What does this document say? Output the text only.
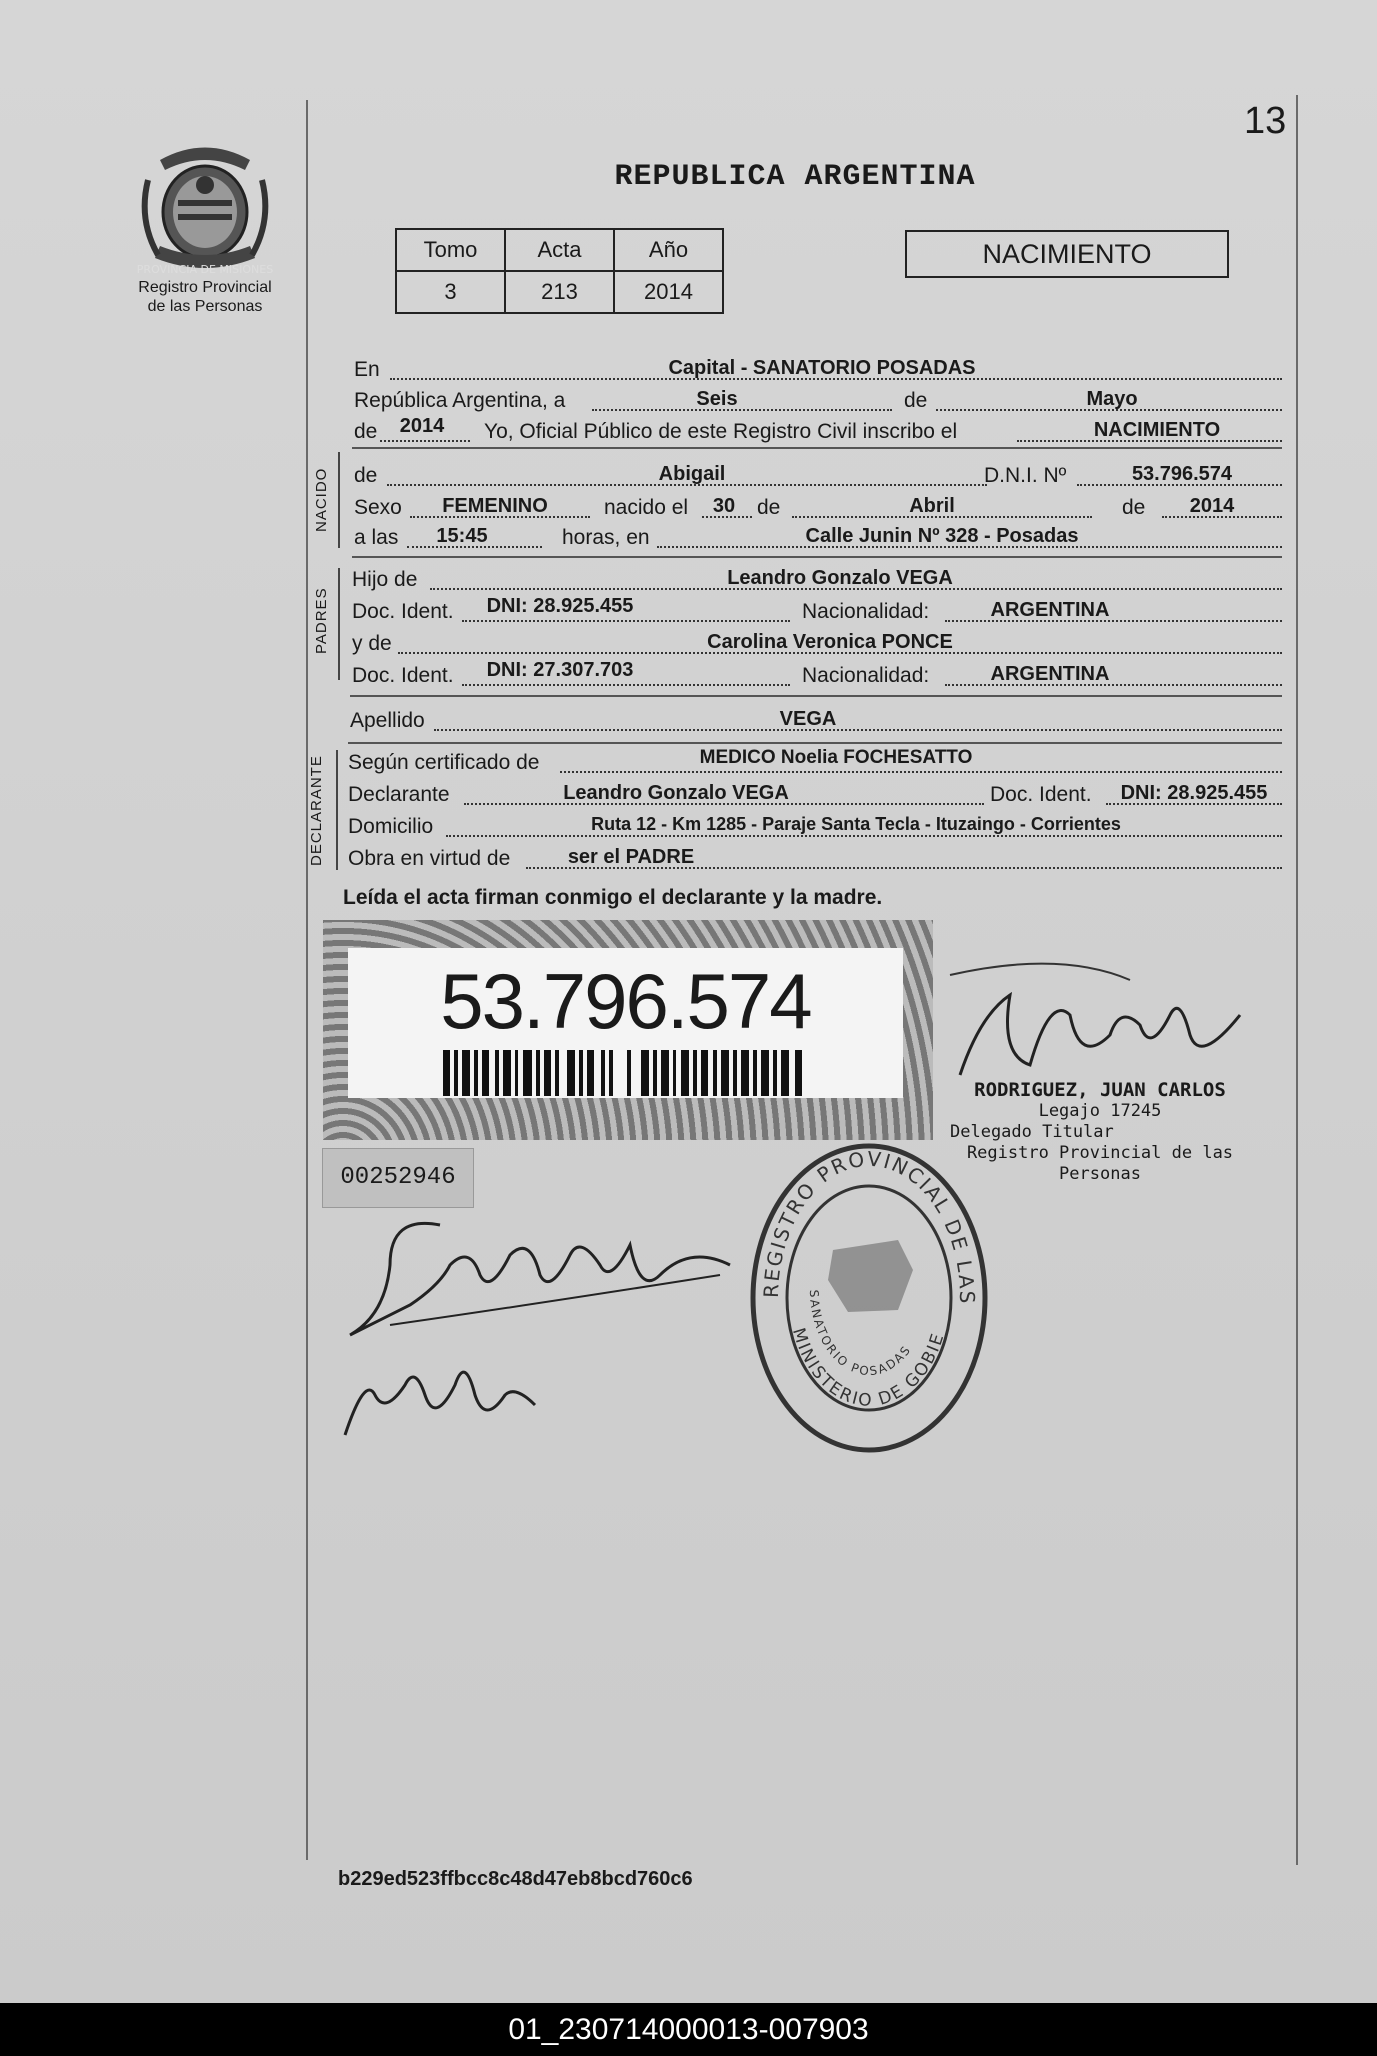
13
REPUBLICA ARGENTINA
PROVINCIA DE MISIONES
Registro Provincial
de las Personas
Tomo	Acta	Año
3	213	2014
NACIMIENTO
En	Capital - SANATORIO POSADAS
República Argentina, a	Seis	de	Mayo
de	2014	Yo, Oficial Público de este Registro Civil inscribo el	NACIMIENTO
NACIDO de	Abigail	D.N.I. Nº	53.796.574
Sexo	FEMENINO	nacido el	30	de	Abril	de	2014
a las	15:45	horas, en	Calle Junin Nº 328 - Posadas
PADRES
Hijo de	Leandro Gonzalo VEGA
Doc. Ident.	DNI: 28.925.455	Nacionalidad:	ARGENTINA
y de	Carolina Veronica PONCE
Doc. Ident.	DNI: 27.307.703	Nacionalidad:	ARGENTINA
Apellido	VEGA
DECLARANTE Según certificado de	MEDICO Noelia FOCHESATTO
Declarante	Leandro Gonzalo VEGA	Doc. Ident.	DNI: 28.925.455
Domicilio	Ruta 12 - Km 1285 - Paraje Santa Tecla - Ituzaingo - Corrientes
Obra en virtud de	ser el PADRE
Leída el acta firman conmigo el declarante y la madre.
53.796.574
00252946
RODRIGUEZ, JUAN CARLOS
Legajo 17245
Delegado Titular
Registro Provincial de las Personas
REGISTRO PROVINCIAL DE LAS
MINISTERIO DE GOBIE
SANATORIO POSADAS
b229ed523ffbcc8c48d47eb8bcd760c6
01_230714000013-007903
